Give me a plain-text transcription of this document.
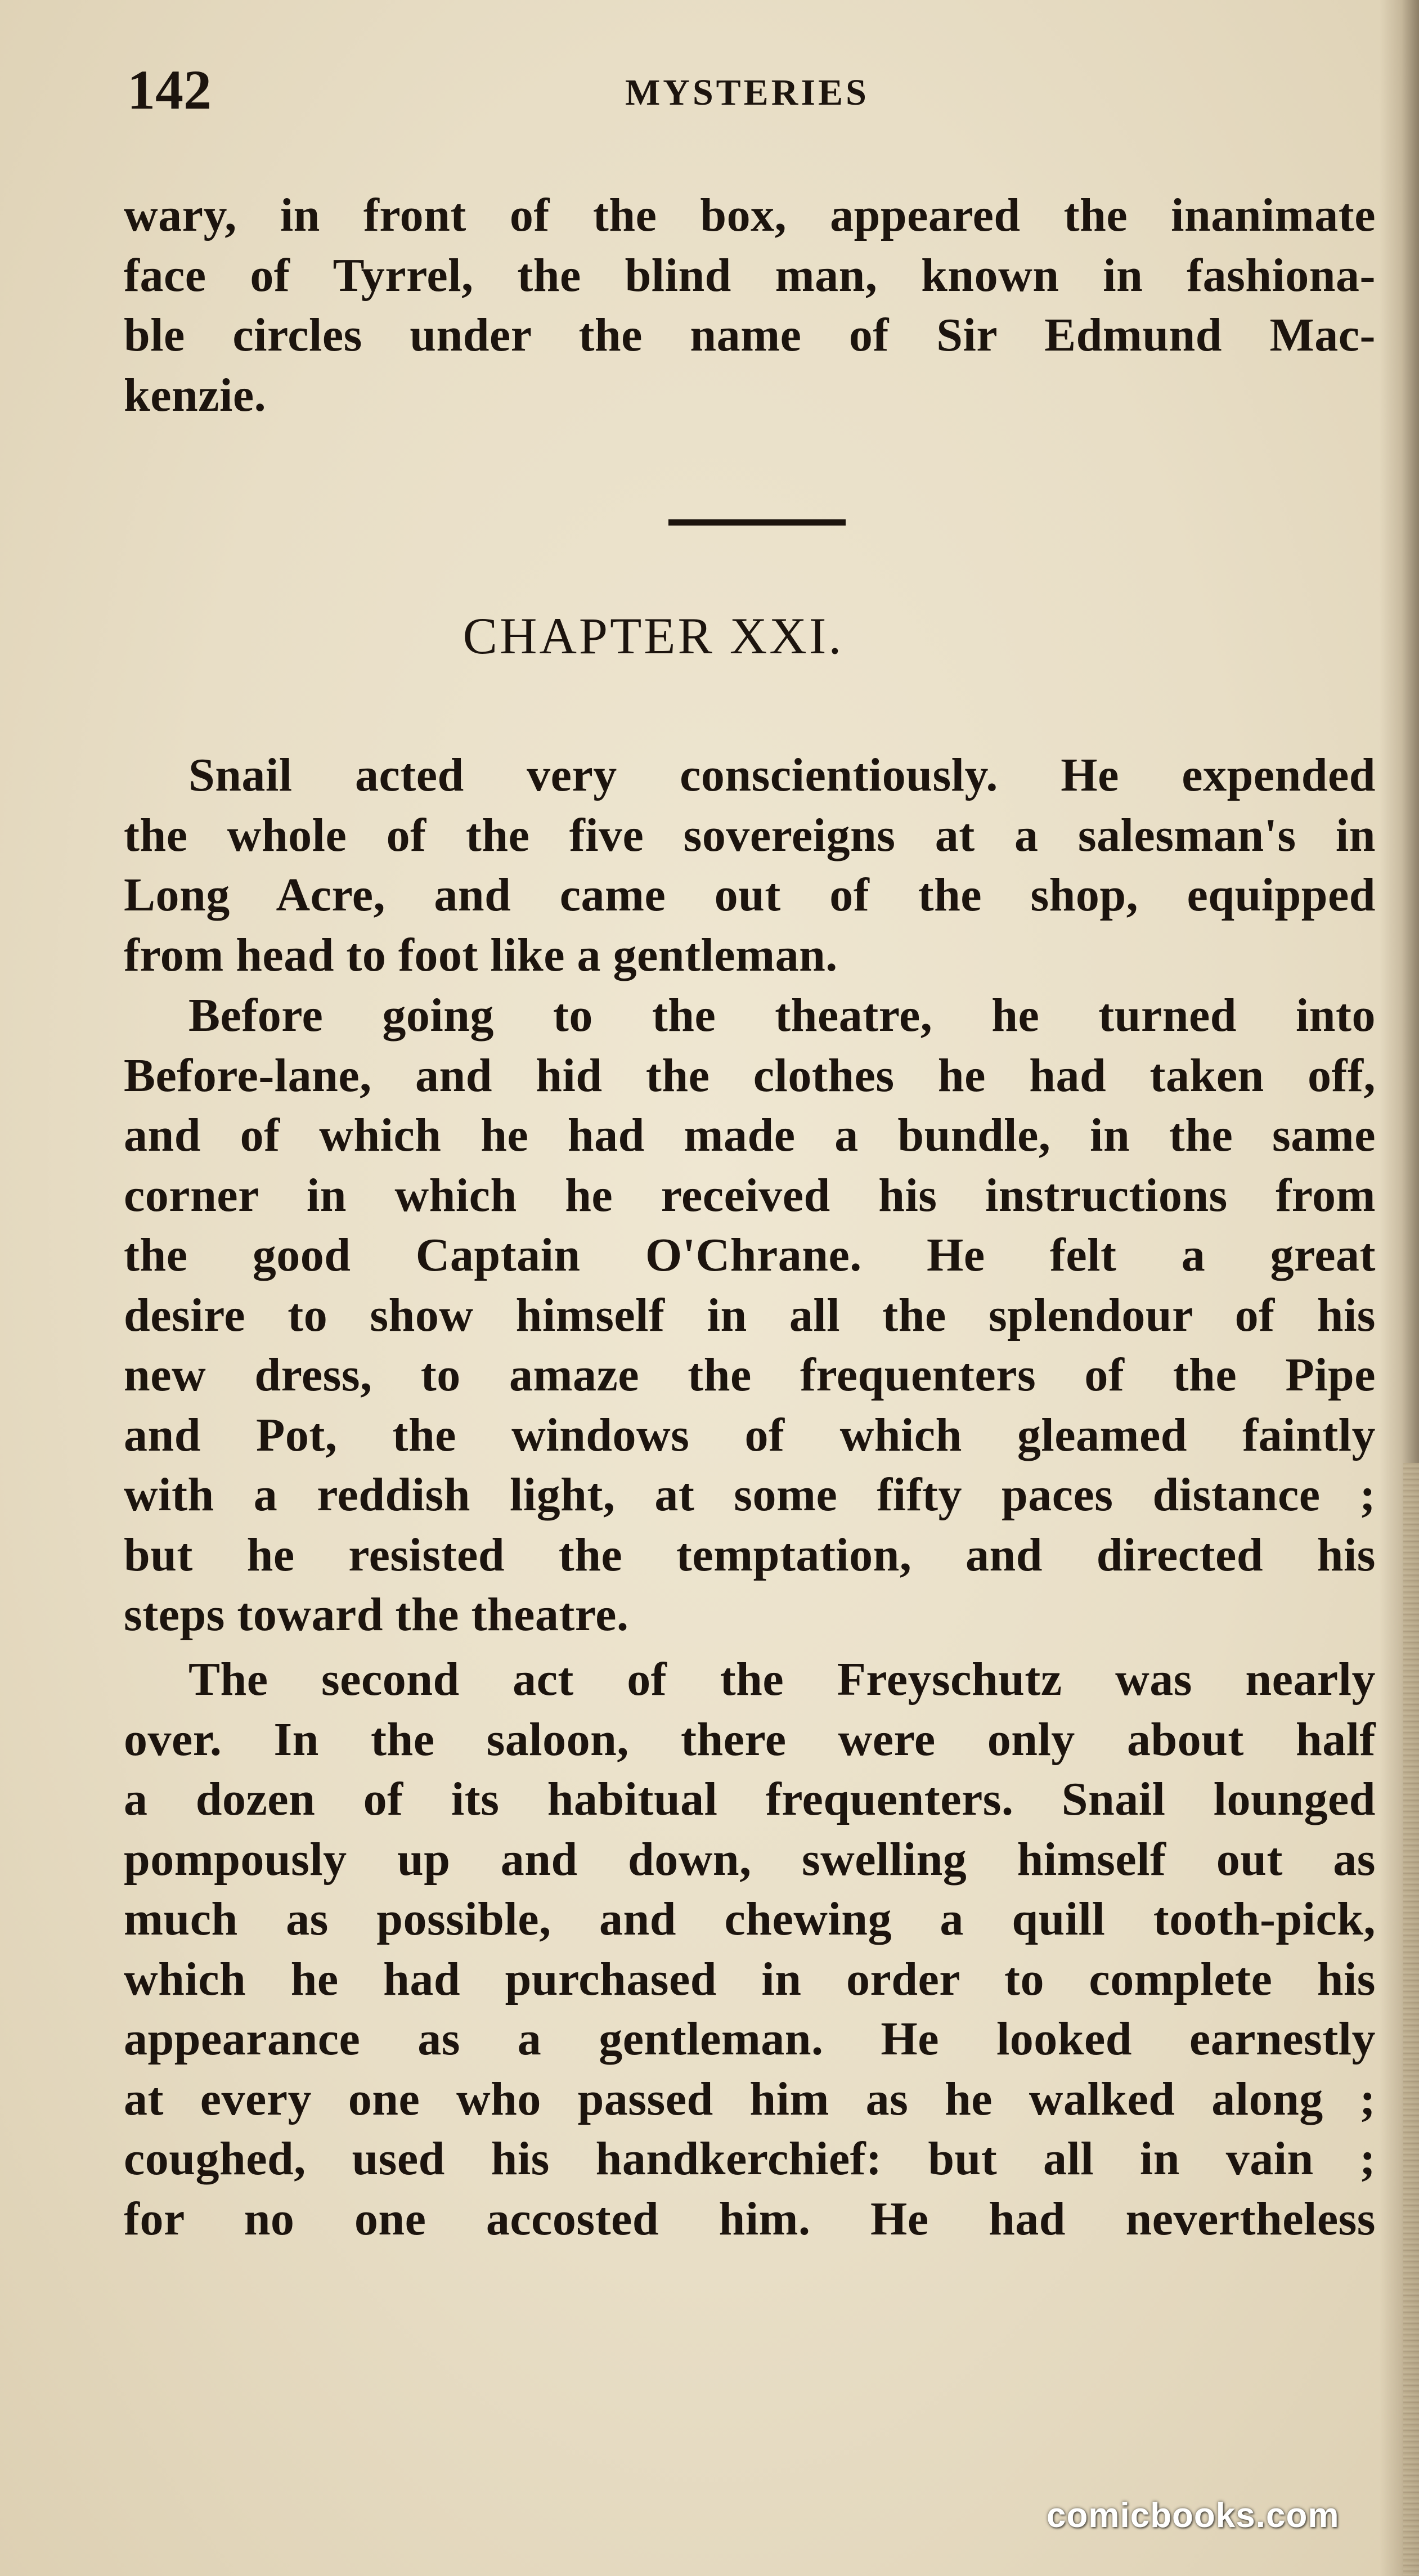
142	MYSTERIES
wary, in front of the box, appeared the inanimate
face of Tyrrel, the blind man, known in fashiona-
ble circles under the name of Sir Edmund Mac-
kenzie.
CHAPTER XXI.
Snail acted very conscientiously. He expended
the whole of the five sovereigns at a salesman's in
Long Acre, and came out of the shop, equipped
from head to foot like a gentleman.
Before going to the theatre, he turned into
Before-lane, and hid the clothes he had taken off,
and of which he had made a bundle, in the same
corner in which he received his instructions from
the good Captain O'Chrane. He felt a great
desire to show himself in all the splendour of his
new dress, to amaze the frequenters of the Pipe
and Pot, the windows of which gleamed faintly
with a reddish light, at some fifty paces distance ;
but he resisted the temptation, and directed his
steps toward the theatre.
The second act of the Freyschutz was nearly
over. In the saloon, there were only about half
a dozen of its habitual frequenters. Snail lounged
pompously up and down, swelling himself out as
much as possible, and chewing a quill tooth-pick,
which he had purchased in order to complete his
appearance as a gentleman. He looked earnestly
at every one who passed him as he walked along ;
coughed, used his handkerchief: but all in vain ;
for no one accosted him. He had nevertheless
comicbooks.com
